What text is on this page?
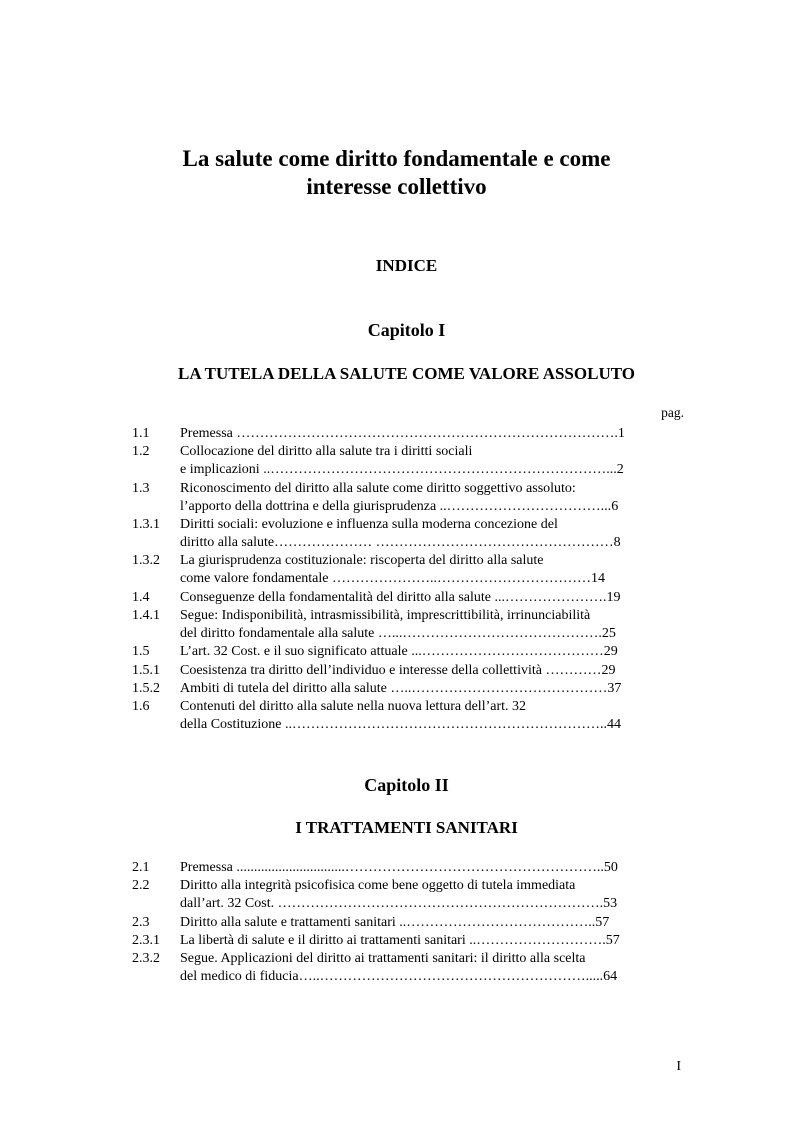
La salute come diritto fondamentale e come
interesse collettivo
INDICE
Capitolo I
LA TUTELA DELLA SALUTE COME VALORE ASSOLUTO
pag.
1.1 Premessa ……………………………………………………………………….1
1.2 Collocazione del diritto alla salute tra i diritti sociali
e implicazioni ..………………………………………………………………...2
1.3 Riconoscimento del diritto alla salute come diritto soggettivo assoluto:
l’apporto della dottrina e della giurisprudenza ..……………………………...6
1.3.1 Diritti sociali: evoluzione e influenza sulla moderna concezione del
diritto alla salute………………… ……………………………………………8
1.3.2 La giurisprudenza costituzionale: riscoperta del diritto alla salute
come valore fondamentale …………………..……………………………14
1.4 Conseguenze della fondamentalità del diritto alla salute ...………………….19
1.4.1 Segue: Indisponibilità, intrasmissibilità, imprescrittibilità, irrinunciabilità
del diritto fondamentale alla salute …...…………………………………….25
1.5 L’art. 32 Cost. e il suo significato attuale ...…………………………………29
1.5.1 Coesistenza tra diritto dell’individuo e interesse della collettività …………29
1.5.2 Ambiti di tutela del diritto alla salute …..……………………………………37
1.6 Contenuti del diritto alla salute nella nuova lettura dell’art. 32
della Costituzione ..…………………………………………………………..44
Capitolo II
I TRATTAMENTI SANITARI
2.1 Premessa ...............................………………………………………………..50
2.2 Diritto alla integrità psicofisica come bene oggetto di tutela immediata
dall’art. 32 Cost. …………………………………………………………….53
2.3 Diritto alla salute e trattamenti sanitari ..…………………………………..57
2.3.1 La libertà di salute e il diritto ai trattamenti sanitari ..……………………….57
2.3.2 Segue. Applicazioni del diritto ai trattamenti sanitari: il diritto alla scelta
del medico di fiducia…..………………………………………………….....64
I
